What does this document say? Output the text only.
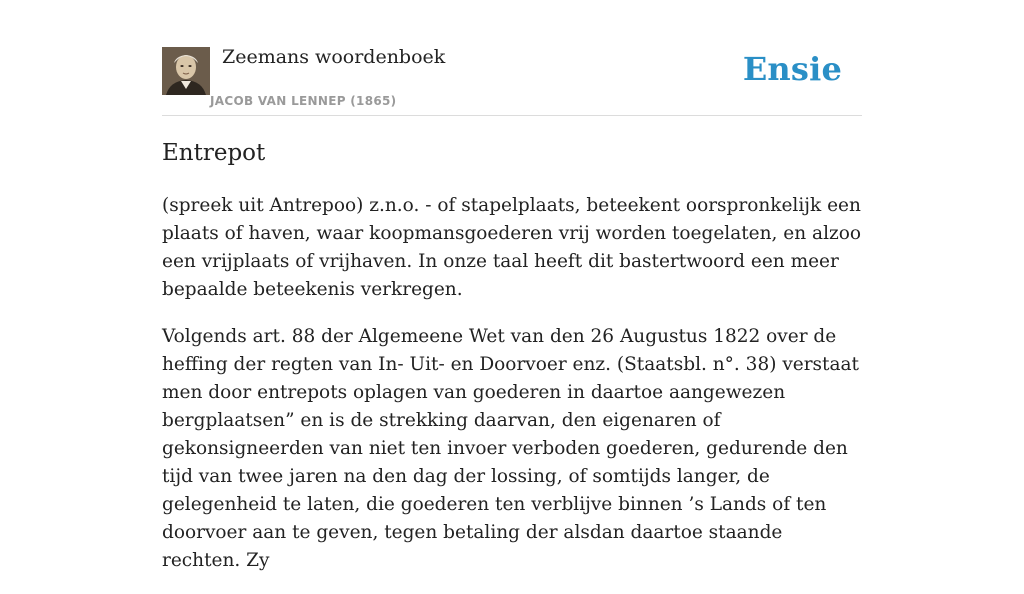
Zeemans woordenboek
JACOB VAN LENNEP (1865)
Ensie
Entrepot

(spreek uit Antrepoo) z.n.o. - of stapelplaats, beteekent oorspronkelijk een plaats of haven, waar koopmansgoederen vrij worden toegelaten, en alzoo een vrijplaats of vrijhaven. In onze taal heeft dit bastertwoord een meer bepaalde beteekenis verkregen.

Volgends art. 88 der Algemeene Wet van den 26 Augustus 1822 over de heffing der regten van In- Uit- en Doorvoer enz. (Staatsbl. n°. 38) verstaat men door entrepots oplagen van goederen in daartoe aangewezen bergplaatsen” en is de strekking daarvan, den eigenaren of gekonsigneerden van niet ten invoer verboden goederen, gedurende den tijd van twee jaren na den dag der lossing, of somtijds langer, de gelegenheid te laten, die goederen ten verblijve binnen ’s Lands of ten doorvoer aan te geven, tegen betaling der alsdan daartoe staande rechten. Zy
